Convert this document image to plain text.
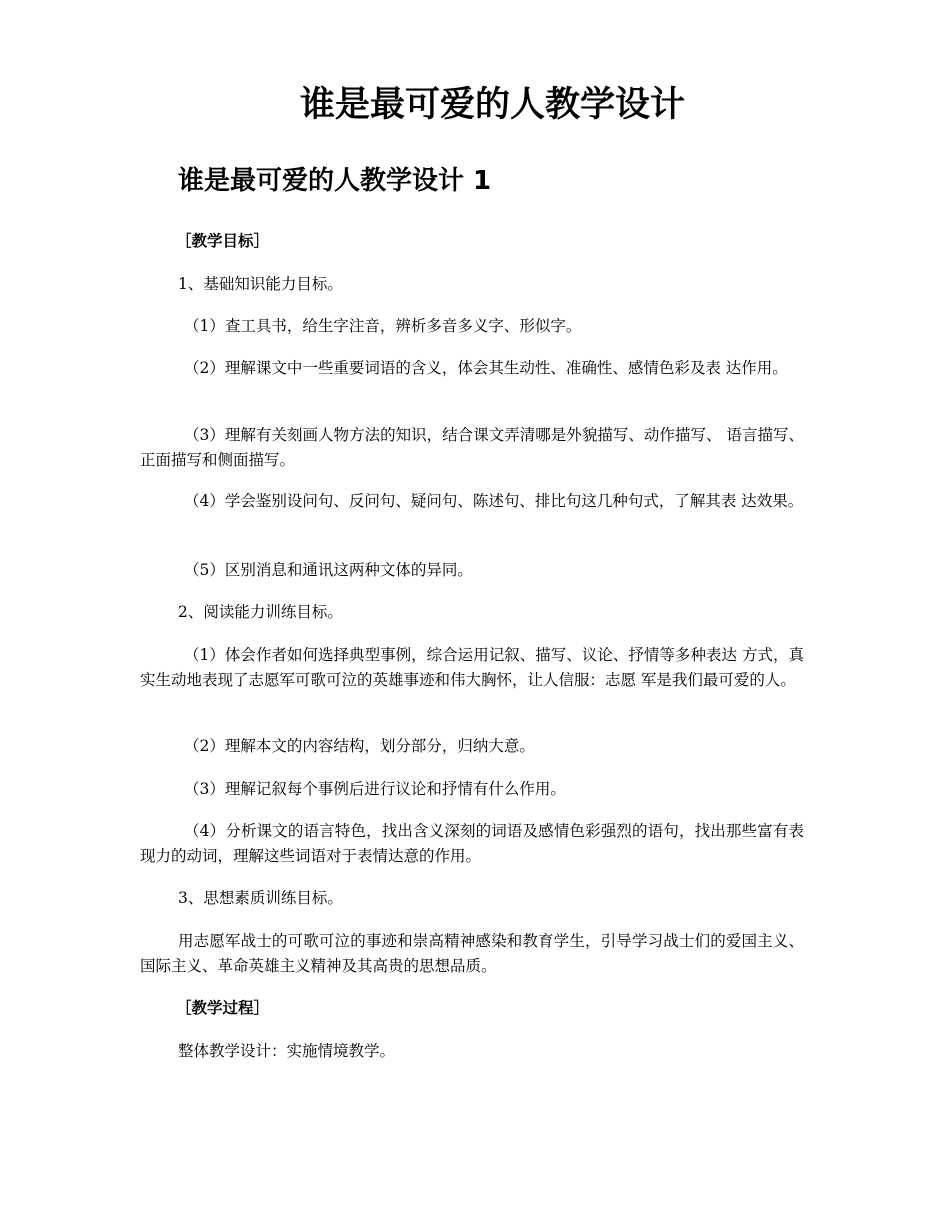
谁是最可爱的人教学设计
谁是最可爱的人教学设计 1

［教学目标］

1、基础知识能力目标。

（1）查工具书，给生字注音，辨析多音多义字、形似字。

（2）理解课文中一些重要词语的含义，体会其生动性、准确性、感情色彩及表 达作用。

（3）理解有关刻画人物方法的知识，结合课文弄清哪是外貌描写、动作描写、 语言描写、正面描写和侧面描写。

（4）学会鉴别设问句、反问句、疑问句、陈述句、排比句这几种句式，了解其表 达效果。

（5）区别消息和通讯这两种文体的异同。

2、阅读能力训练目标。

（1）体会作者如何选择典型事例，综合运用记叙、描写、议论、抒情等多种表达 方式，真实生动地表现了志愿军可歌可泣的英雄事迹和伟大胸怀，让人信服：志愿 军是我们最可爱的人。

（2）理解本文的内容结构，划分部分，归纳大意。

（3）理解记叙每个事例后进行议论和抒情有什么作用。

（4）分析课文的语言特色，找出含义深刻的词语及感情色彩强烈的语句，找出那些富有表现力的动词，理解这些词语对于表情达意的作用。

3、思想素质训练目标。

用志愿军战士的可歌可泣的事迹和崇高精神感染和教育学生，引导学习战士们的爱国主义、国际主义、革命英雄主义精神及其高贵的思想品质。

［教学过程］

整体教学设计：实施情境教学。
